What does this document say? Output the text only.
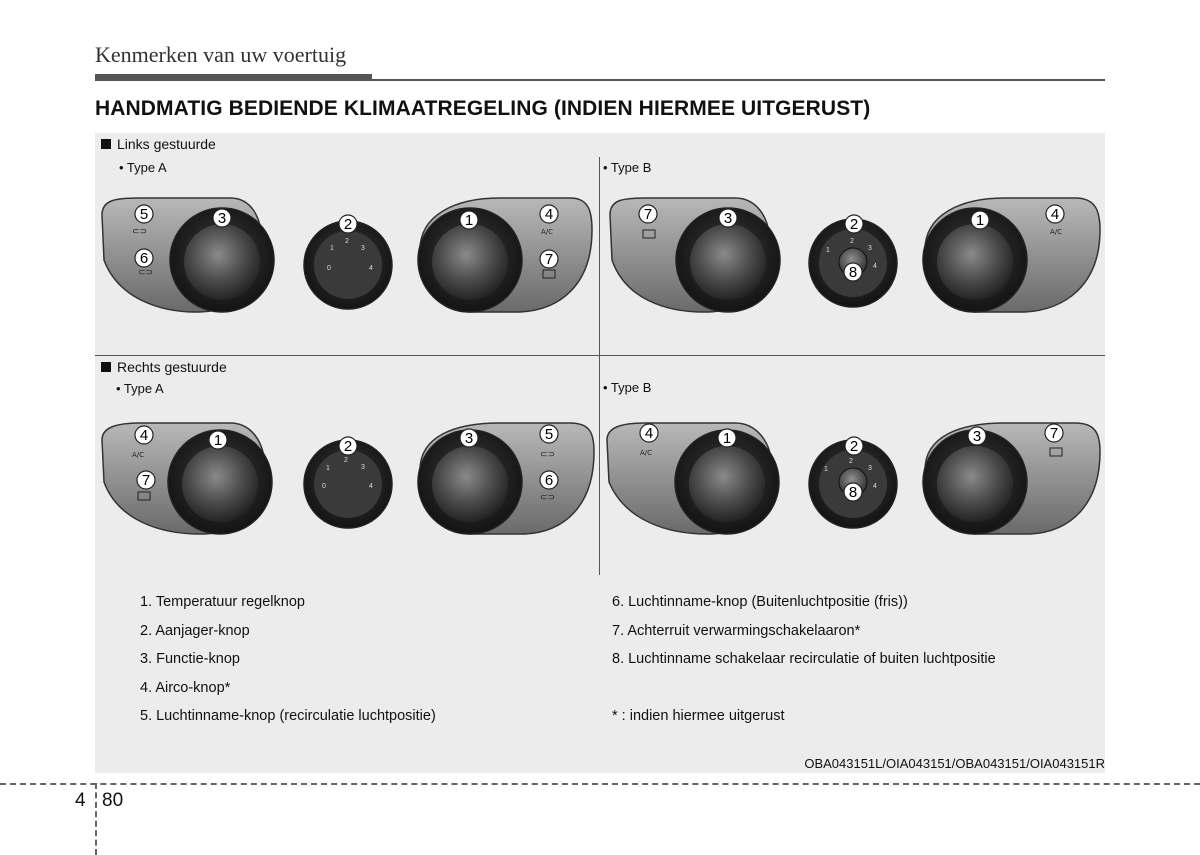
Kenmerken van uw voertuig
HANDMATIG BEDIENDE KLIMAATREGELING (INDIEN HIERMEE UITGERUST)
Links gestuurde
• Type A	• Type B
Rechts gestuurde
• Type A	• Type B
⊂⊃
⊂⊃	0
1
2
3
4
A/C
1
2
3
4
A/C
A/C
0
1
2
3
4
⊂⊃
⊂⊃
A/C
1
2
3
4
5	3
6
2	1	4
7
7	3	2
8
1	4
4	1
7
2	3	5
6
4	1	2
8
3	7
1. Temperatuur regelknop
2. Aanjager-knop
3. Functie-knop
4. Airco-knop*
5. Luchtinname-knop (recirculatie luchtpositie)
6. Luchtinname-knop (Buitenluchtpositie (fris))
7. Achterruit verwarmingschakelaaron*
8. Luchtinname schakelaar recirculatie of buiten luchtpositie
* : indien hiermee uitgerust
OBA043151L/OIA043151/OBA043151/OIA043151R
4 80
